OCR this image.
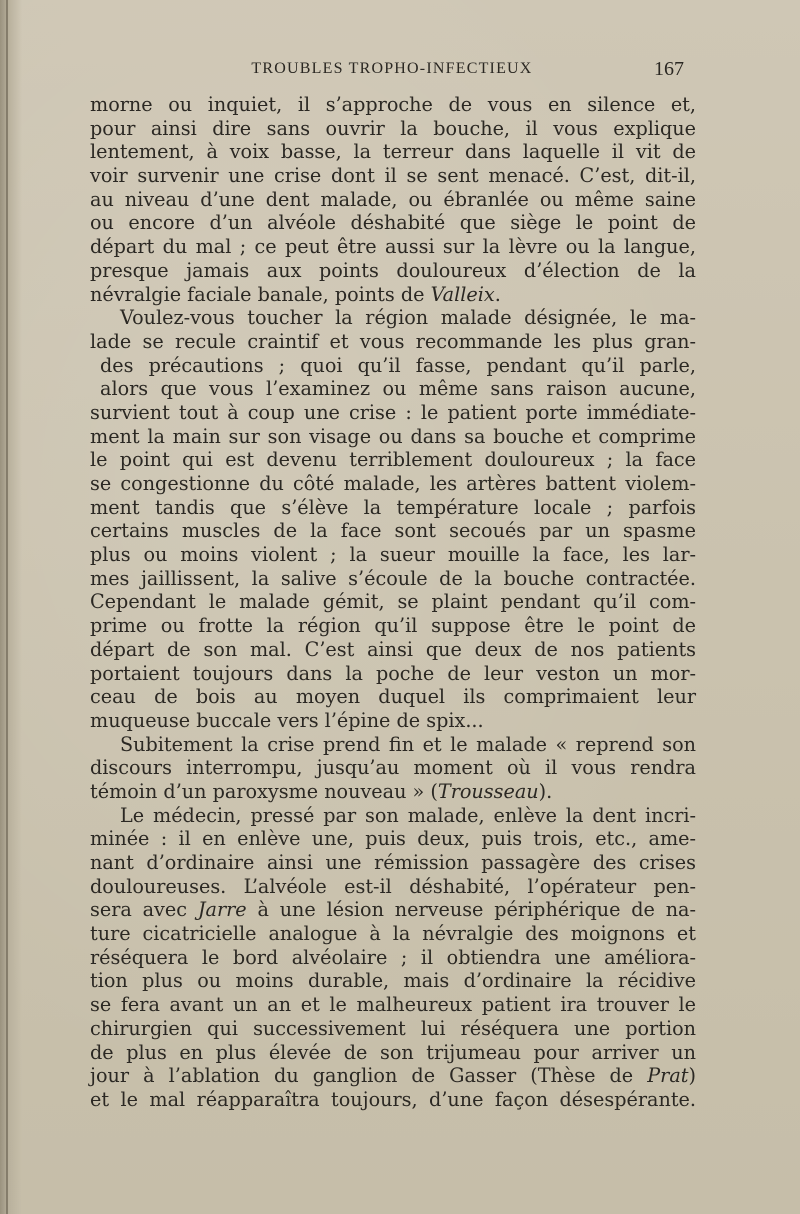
TROUBLES TROPHO-INFECTIEUX	167
morne ou inquiet, il s’approche de vous en silence et,
pour ainsi dire sans ouvrir la bouche, il vous explique
lentement, à voix basse, la terreur dans laquelle il vit de
voir survenir une crise dont il se sent menacé. C’est, dit-il,
au niveau d’une dent malade, ou ébranlée ou même saine
ou encore d’un alvéole déshabité que siège le point de
départ du mal ; ce peut être aussi sur la lèvre ou la langue,
presque jamais aux points douloureux d’élection de la
névralgie faciale banale, points de Valleix.
Voulez-vous toucher la région malade désignée, le ma-
lade se recule craintif et vous recommande les plus gran-
des précautions ; quoi qu’il fasse, pendant qu’il parle,
alors que vous l’examinez ou même sans raison aucune,
survient tout à coup une crise : le patient porte immédiate-
ment la main sur son visage ou dans sa bouche et comprime
le point qui est devenu terriblement douloureux ; la face
se congestionne du côté malade, les artères battent violem-
ment tandis que s’élève la température locale ; parfois
certains muscles de la face sont secoués par un spasme
plus ou moins violent ; la sueur mouille la face, les lar-
mes jaillissent, la salive s’écoule de la bouche contractée.
Cependant le malade gémit, se plaint pendant qu’il com-
prime ou frotte la région qu’il suppose être le point de
départ de son mal. C’est ainsi que deux de nos patients
portaient toujours dans la poche de leur veston un mor-
ceau de bois au moyen duquel ils comprimaient leur
muqueuse buccale vers l’épine de spix...
Subitement la crise prend fin et le malade « reprend son
discours interrompu, jusqu’au moment où il vous rendra
témoin d’un paroxysme nouveau » (Trousseau).
Le médecin, pressé par son malade, enlève la dent incri-
minée : il en enlève une, puis deux, puis trois, etc., ame-
nant d’ordinaire ainsi une rémission passagère des crises
douloureuses. L’alvéole est-il déshabité, l’opérateur pen-
sera avec Jarre à une lésion nerveuse périphérique de na-
ture cicatricielle analogue à la névralgie des moignons et
réséquera le bord alvéolaire ; il obtiendra une améliora-
tion plus ou moins durable, mais d’ordinaire la récidive
se fera avant un an et le malheureux patient ira trouver le
chirurgien qui successivement lui réséquera une portion
de plus en plus élevée de son trijumeau pour arriver un
jour à l’ablation du ganglion de Gasser (Thèse de Prat)
et le mal réapparaîtra toujours, d’une façon désespérante.
